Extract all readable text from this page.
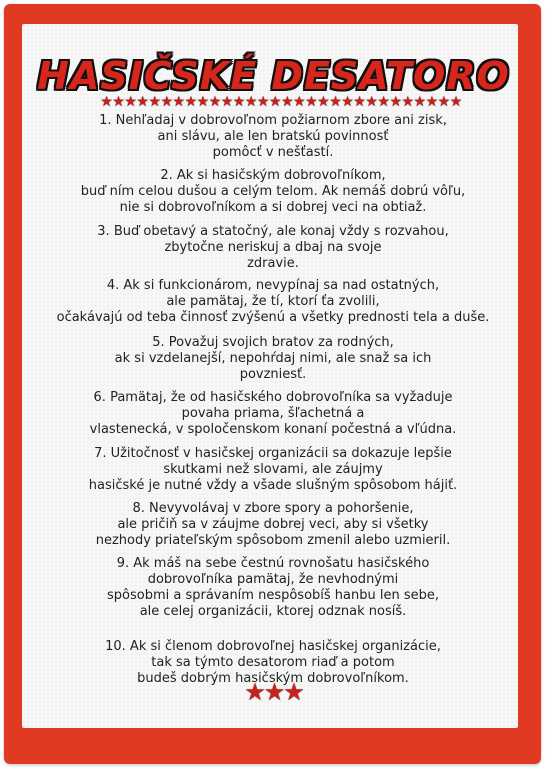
HASIČSKÉ DESATORO
★★★★★★★★★★★★★★★★★★★★★★★★★★★★★★
1. Nehľadaj v dobrovoľnom požiarnom zbore ani zisk,
ani slávu, ale len bratskú povinnosť
pomôcť v nešťastí.
2. Ak si hasičským dobrovoľníkom,
buď ním celou dušou a celým telom. Ak nemáš dobrú vôľu,
nie si dobrovoľníkom a si dobrej veci na obtiaž.
3. Buď obetavý a statočný, ale konaj vždy s rozvahou,
zbytočne neriskuj a dbaj na svoje
zdravie.
4. Ak si funkcionárom, nevypínaj sa nad ostatných,
ale pamätaj, že tí, ktorí ťa zvolili,
očakávajú od teba činnosť zvýšenú a všetky prednosti tela a duše.
5. Považuj svojich bratov za rodných,
ak si vzdelanejší, nepohŕdaj nimi, ale snaž sa ich
povzniesť.
6. Pamätaj, že od hasičského dobrovoľníka sa vyžaduje
povaha priama, šľachetná a
vlastenecká, v spoločenskom konaní počestná a vľúdna.
7. Užitočnosť v hasičskej organizácii sa dokazuje lepšie
skutkami než slovami, ale záujmy
hasičské je nutné vždy a všade slušným spôsobom hájiť.
8. Nevyvolávaj v zbore spory a pohoršenie,
ale pričiň sa v záujme dobrej veci, aby si všetky
nezhody priateľským spôsobom zmenil alebo uzmieril.
9. Ak máš na sebe čestnú rovnošatu hasičského
dobrovoľníka pamätaj, že nevhodnými
spôsobmi a správaním nespôsobíš hanbu len sebe,
ale celej organizácii, ktorej odznak nosíš.
10. Ak si členom dobrovoľnej hasičskej organizácie,
tak sa týmto desatorom riaď a potom
budeš dobrým hasičským dobrovoľníkom.
★★★
